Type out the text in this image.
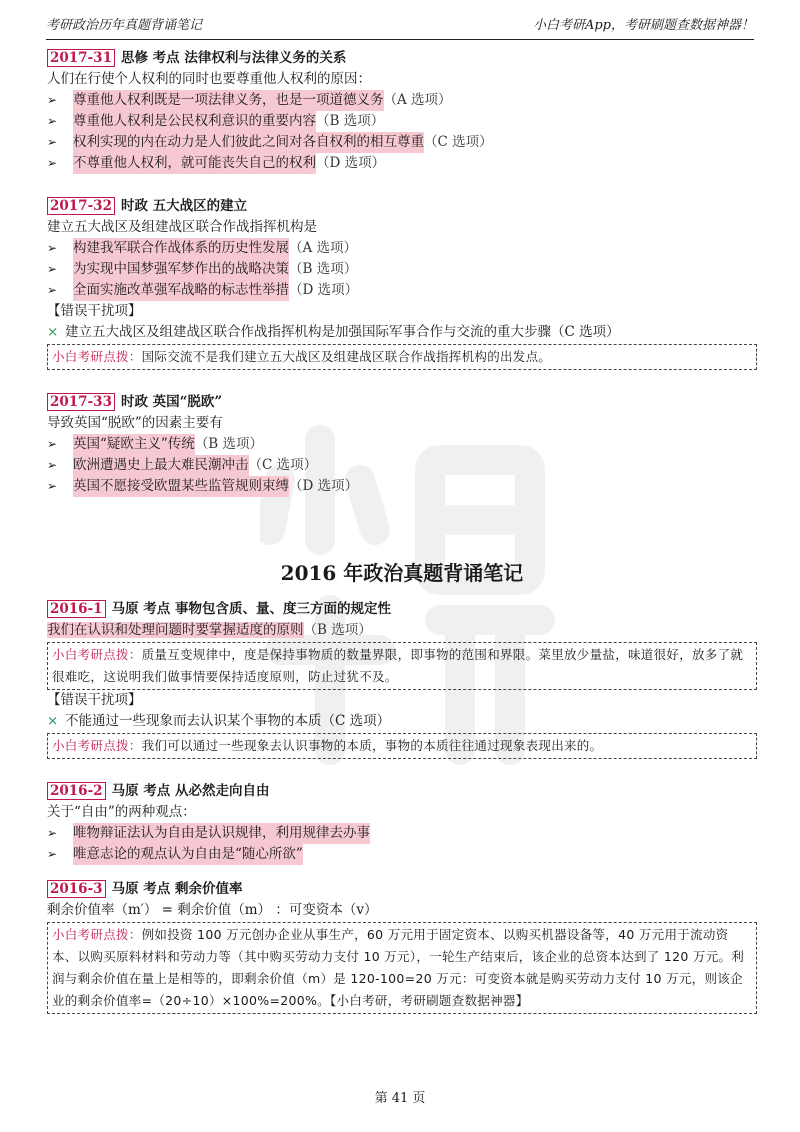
考研政治历年真题背诵笔记	小白考研App，考研刷题查数据神器！

2017-31 思修 考点 法律权利与法律义务的关系

人们在行使个人权利的同时也要尊重他人权利的原因：

➢	尊重他人权利既是一项法律义务，也是一项道德义务 （A 选项）
➢	尊重他人权利是公民权利意识的重要内容 （B 选项）
➢	权利实现的内在动力是人们彼此之间对各自权利的相互尊重 （C 选项）
➢	不尊重他人权利，就可能丧失自己的权利 （D 选项）

2017-32 时政 五大战区的建立

建立五大战区及组建战区联合作战指挥机构是

➢	构建我军联合作战体系的历史性发展 （A 选项）
➢	为实现中国梦强军梦作出的战略决策 （B 选项）
➢	全面实施改革强军战略的标志性举措 （D 选项）

【错误干扰项】

× 建立五大战区及组建战区联合作战指挥机构是加强国际军事合作与交流的重大步骤（C 选项）
小白考研点拨：国际交流不是我们建立五大战区及组建战区联合作战指挥机构的出发点。

2017-33 时政 英国“脱欧”

导致英国“脱欧”的因素主要有

➢	英国“疑欧主义”传统 （B 选项）
➢	欧洲遭遇史上最大难民潮冲击 （C 选项）
➢	英国不愿接受欧盟某些监管规则束缚 （D 选项）

2016 年政治真题背诵笔记

2016-1 马原 考点 事物包含质、量、度三方面的规定性

我们在认识和处理问题时要掌握适度的原则（B 选项）

小白考研点拨：质量互变规律中，度是保持事物质的数量界限，即事物的范围和界限。菜里放少量盐，味道很好，放多了就很难吃，这说明我们做事情要保持适度原则，防止过犹不及。

【错误干扰项】

× 不能通过一些现象而去认识某个事物的本质（C 选项）
小白考研点拨：我们可以通过一些现象去认识事物的本质，事物的本质往往通过现象表现出来的。

2016-2 马原 考点 从必然走向自由

关于“自由”的两种观点：

➢	唯物辩证法认为自由是认识规律，利用规律去办事
➢	唯意志论的观点认为自由是“随心所欲”

2016-3 马原 考点 剩余价值率

剩余价值率（m′） = 剩余价值（m） ：可变资本（v）

小白考研点拨：例如投资 100 万元创办企业从事生产，60 万元用于固定资本、以购买机器设备等，40 万元用于流动资本、以购买原料材料和劳动力等（其中购买劳动力支付 10 万元），一轮生产结束后，该企业的总资本达到了 120 万元。利润与剩余价值在量上是相等的，即剩余价值（m）是 120-100=20 万元：可变资本就是购买劳动力支付 10 万元，则该企业的剩余价值率=（20÷10）×100%=200%。【小白考研，考研刷题查数据神器】
第 41 页
